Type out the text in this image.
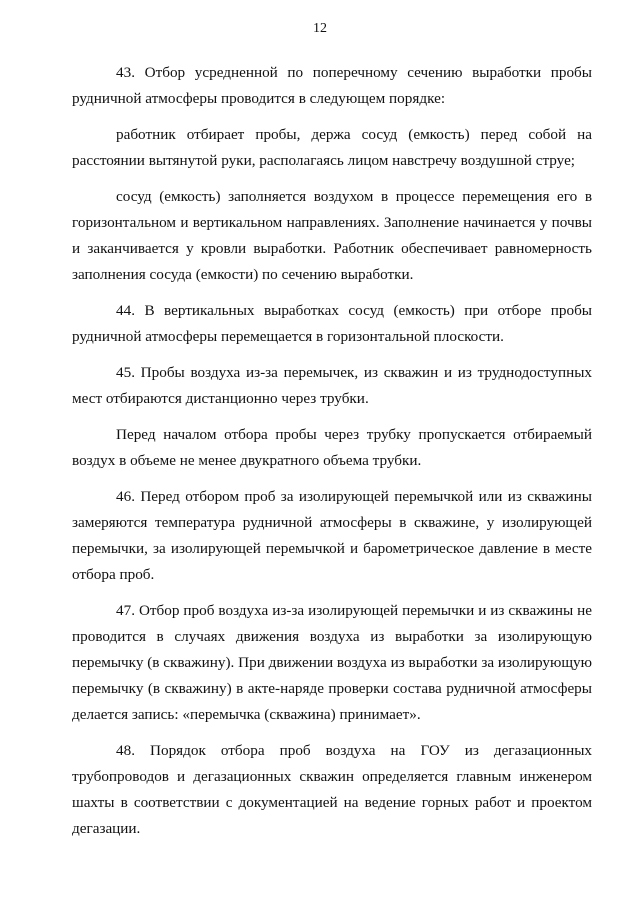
12

43. Отбор усредненной по поперечному сечению выработки пробы рудничной атмосферы проводится в следующем порядке:

работник отбирает пробы, держа сосуд (емкость) перед собой на расстоянии вытянутой руки, располагаясь лицом навстречу воздушной струе;

сосуд (емкость) заполняется воздухом в процессе перемещения его в горизонтальном и вертикальном направлениях. Заполнение начинается у почвы и заканчивается у кровли выработки. Работник обеспечивает равномерность заполнения сосуда (емкости) по сечению выработки.

44. В вертикальных выработках сосуд (емкость) при отборе пробы рудничной атмосферы перемещается в горизонтальной плоскости.

45. Пробы воздуха из-за перемычек, из скважин и из труднодоступных мест отбираются дистанционно через трубки.

Перед началом отбора пробы через трубку пропускается отбираемый воздух в объеме не менее двукратного объема трубки.

46. Перед отбором проб за изолирующей перемычкой или из скважины замеряются температура рудничной атмосферы в скважине, у изолирующей перемычки, за изолирующей перемычкой и барометрическое давление в месте отбора проб.

47. Отбор проб воздуха из-за изолирующей перемычки и из скважины не проводится в случаях движения воздуха из выработки за изолирующую перемычку (в скважину). При движении воздуха из выработки за изолирующую перемычку (в скважину) в акте-наряде проверки состава рудничной атмосферы делается запись: «перемычка (скважина) принимает».

48. Порядок отбора проб воздуха на ГОУ из дегазационных трубопроводов и дегазационных скважин определяется главным инженером шахты в соответствии с документацией на ведение горных работ и проектом дегазации.
